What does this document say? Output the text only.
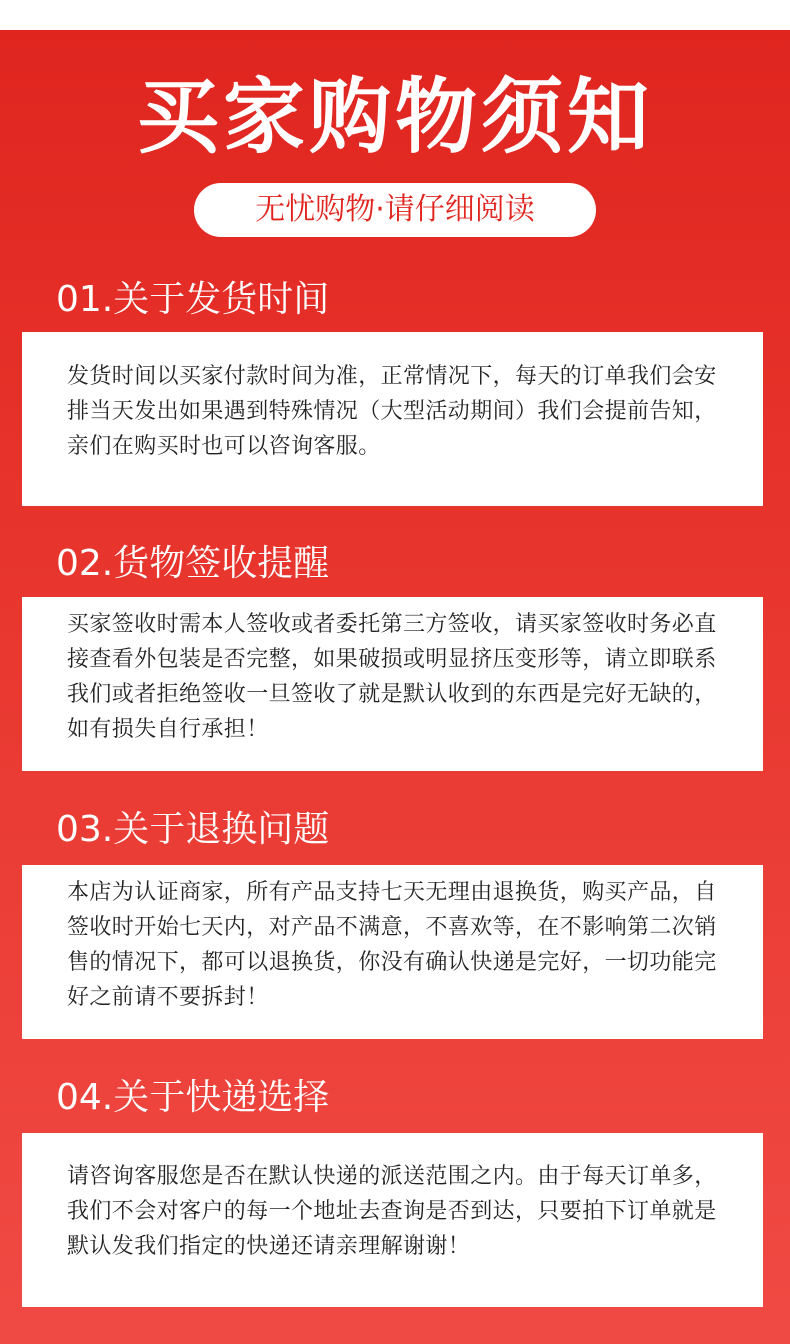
买家购物须知
无忧购物·请仔细阅读
01.关于发货时间

发货时间以买家付款时间为准，正常情况下，每天的订单我们会安排当天发出如果遇到特殊情况（大型活动期间）我们会提前告知，亲们在购买时也可以咨询客服。

02.货物签收提醒

买家签收时需本人签收或者委托第三方签收，请买家签收时务必直接查看外包装是否完整，如果破损或明显挤压变形等，请立即联系我们或者拒绝签收一旦签收了就是默认收到的东西是完好无缺的，如有损失自行承担！

03.关于退换问题

本店为认证商家，所有产品支持七天无理由退换货，购买产品，自签收时开始七天内，对产品不满意，不喜欢等，在不影响第二次销售的情况下，都可以退换货，你没有确认快递是完好，一切功能完好之前请不要拆封！

04.关于快递选择

请咨询客服您是否在默认快递的派送范围之内。由于每天订单多，我们不会对客户的每一个地址去查询是否到达，只要拍下订单就是默认发我们指定的快递还请亲理解谢谢！
